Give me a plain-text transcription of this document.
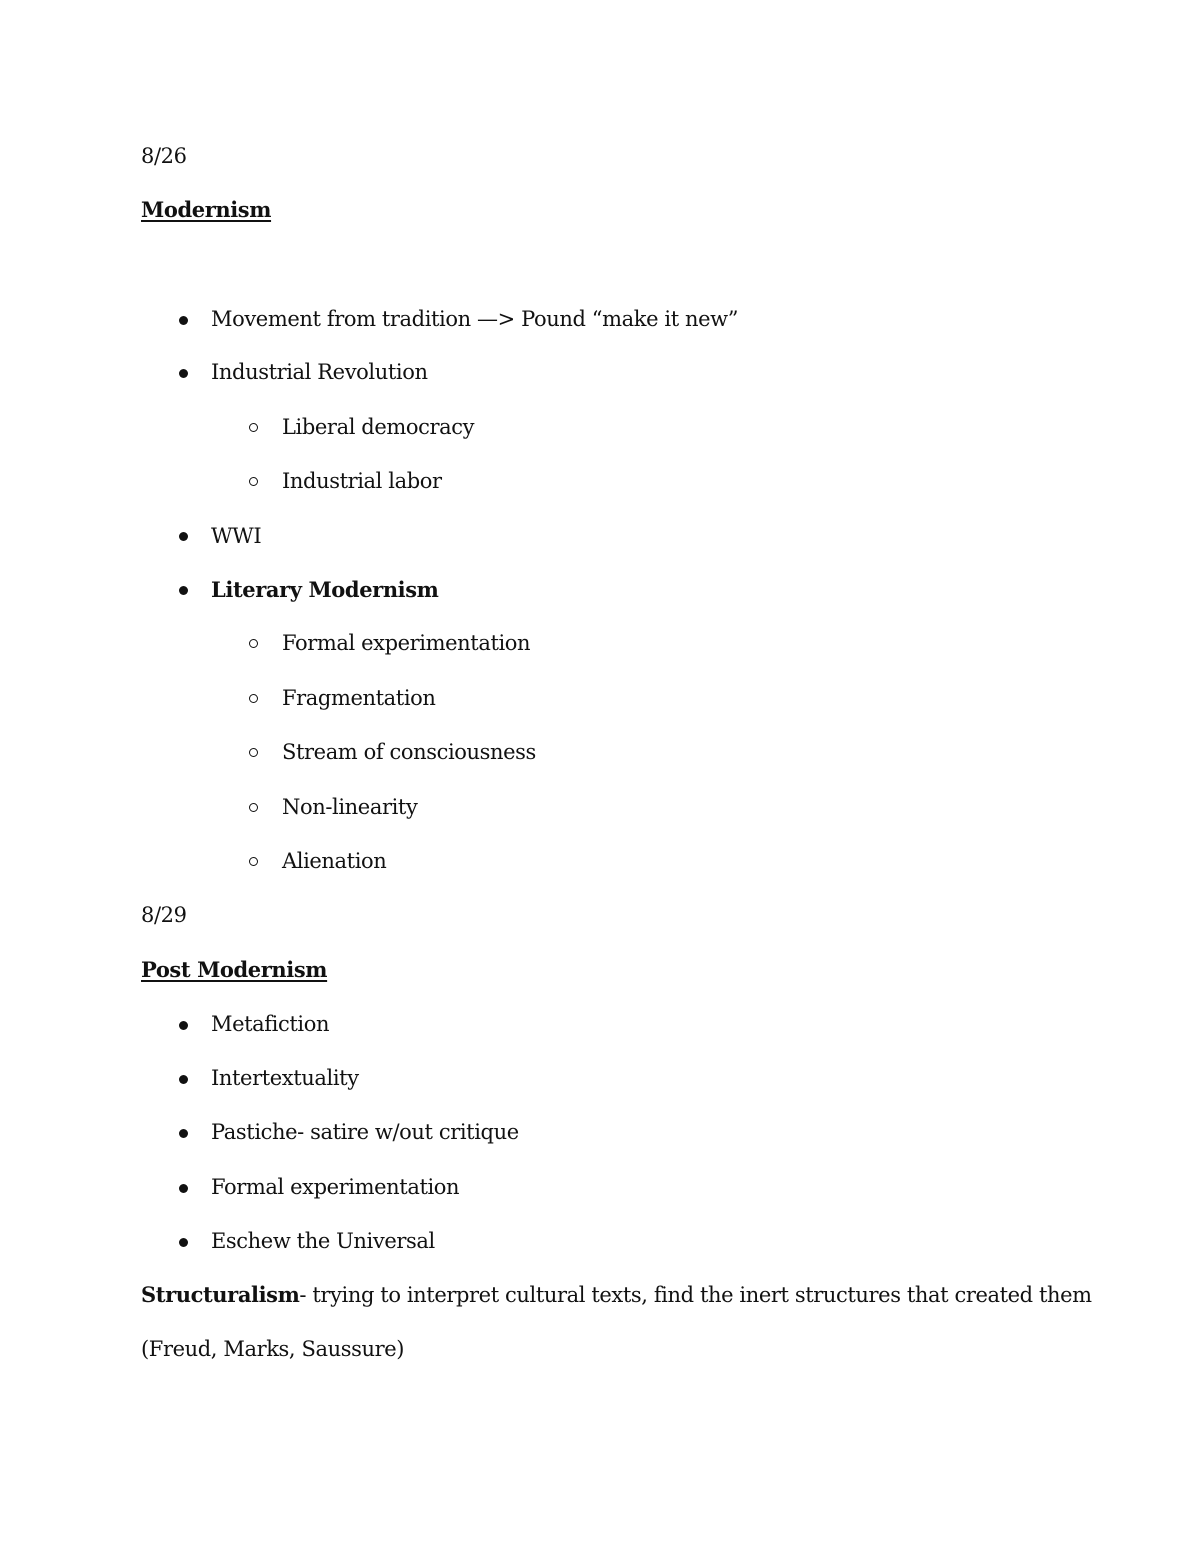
8/26
Modernism
Movement from tradition —> Pound “make it new”
Industrial Revolution
Liberal democracy
Industrial labor
WWI
Literary Modernism
Formal experimentation
Fragmentation
Stream of consciousness
Non-linearity
Alienation
8/29
Post Modernism
Metafiction
Intertextuality
Pastiche- satire w/out critique
Formal experimentation
Eschew the Universal
Structuralism- trying to interpret cultural texts, find the inert structures that created them
(Freud, Marks, Saussure)
